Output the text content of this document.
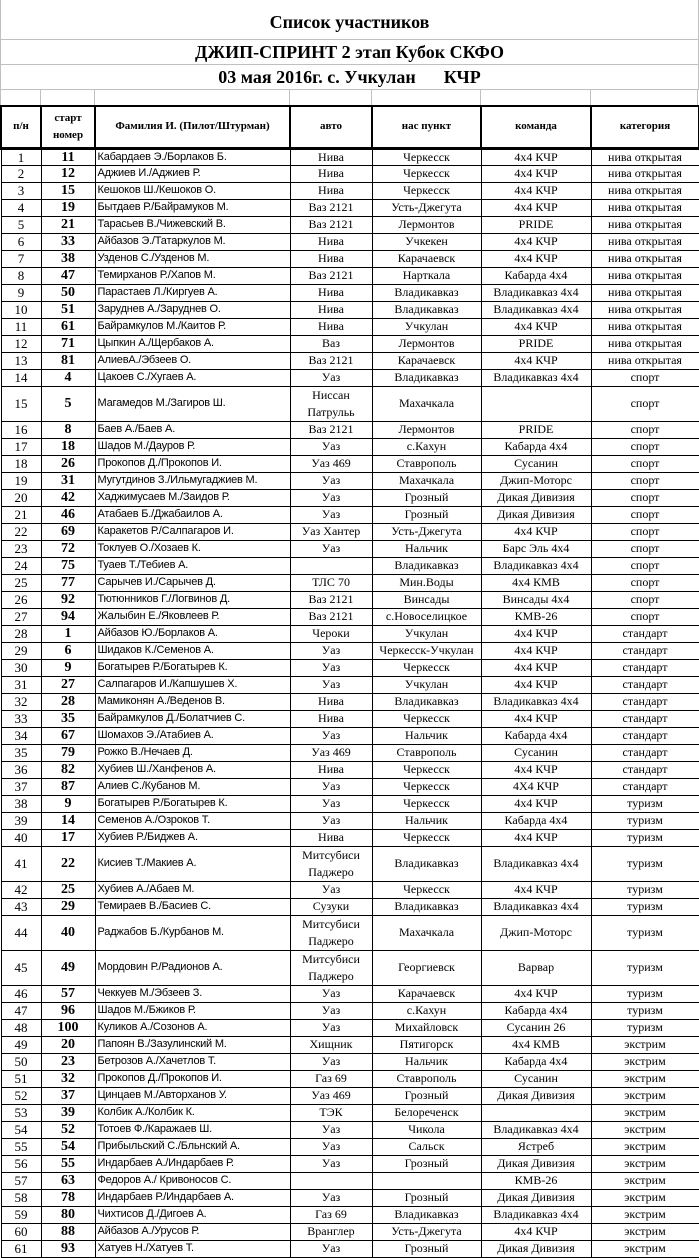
Список участников
ДЖИП-СПРИНТ 2 этап Кубок СКФО
03 мая 2016г. с. Учкулан КЧР
п/н	старт номер	Фамилия И. (Пилот/Штурман)	авто	нас пункт	команда	категория
1	11	Кабардаев Э./Борлаков Б.	Нива	Черкесск	4х4 КЧР	нива открытая
2	12	Аджиев И./Аджиев Р.	Нива	Черкесск	4х4 КЧР	нива открытая
3	15	Кешоков Ш./Кешоков О.	Нива	Черкесск	4х4 КЧР	нива открытая
4	19	Бытдаев Р./Байрамуков М.	Ваз 2121	Усть-Джегута	4х4 КЧР	нива открытая
5	21	Тарасьев В./Чижевский В.	Ваз 2121	Лермонтов	PRIDE	нива открытая
6	33	Айбазов Э./Татаркулов М.	Нива	Учкекен	4х4 КЧР	нива открытая
7	38	Узденов С./Узденов М.	Нива	Карачаевск	4х4 КЧР	нива открытая
8	47	Темирханов Р./Хапов М.	Ваз 2121	Нарткала	Кабарда 4х4	нива открытая
9	50	Парастаев Л./Киргуев А.	Нива	Владикавказ	Владикавказ 4х4	нива открытая
10	51	Заруднев А./Заруднев О.	Нива	Владикавказ	Владикавказ 4х4	нива открытая
11	61	Байрамкулов М./Каитов Р.	Нива	Учкулан	4х4 КЧР	нива открытая
12	71	Цыпкин А./Щербаков А.	Ваз	Лермонтов	PRIDE	нива открытая
13	81	АлиевА./Эбзеев О.	Ваз 2121	Карачаевск	4х4 КЧР	нива открытая
14	4	Цакоев С./Хугаев А.	Уаз	Владикавказ	Владикавказ 4х4	спорт
15	5	Магамедов М./Загиров Ш.	Ниссан Патрульь	Махачкала		спорт
16	8	Баев А./Баев А.	Ваз 2121	Лермонтов	PRIDE	спорт
17	18	Шадов М./Дауров Р.	Уаз	с.Кахун	Кабарда 4х4	спорт
18	26	Прокопов Д./Прокопов И.	Уаз 469	Ставрополь	Сусанин	спорт
19	31	Мугутдинов З./Ильмугаджиев М.	Уаз	Махачкала	Джип-Моторс	спорт
20	42	Хаджимусаев М./Заидов Р.	Уаз	Грозный	Дикая Дивизия	спорт
21	46	Атабаев Б./Джабаилов А.	Уаз	Грозный	Дикая Дивизия	спорт
22	69	Каракетов Р./Салпагаров И.	Уаз Хантер	Усть-Джегута	4х4 КЧР	спорт
23	72	Токлуев О./Хозаев К.	Уаз	Нальчик	Барс Эль 4х4	спорт
24	75	Туаев Т./Тебиев А.		Владикавказ	Владикавказ 4х4	спорт
25	77	Сарычев И./Сарычев Д.	ТЛС 70	Мин.Воды	4х4 КМВ	спорт
26	92	Тютюнников Г./Логвинов Д.	Ваз 2121	Винсады	Винсады 4х4	спорт
27	94	Жалыбин Е./Яковлеев Р.	Ваз 2121	с.Новоселицкое	КМВ-26	спорт
28	1	Айбазов Ю./Борлаков А.	Чероки	Учкулан	4х4 КЧР	стандарт
29	6	Шидаков К./Семенов А.	Уаз	Черкесск-Учкулан	4х4 КЧР	стандарт
30	9	Богатырев Р./Богатырев К.	Уаз	Черкесск	4х4 КЧР	стандарт
31	27	Салпагаров И./Капшушев Х.	Уаз	Учкулан	4х4 КЧР	стандарт
32	28	Мамиконян А./Веденов В.	Нива	Владикавказ	Владикавказ 4х4	стандарт
33	35	Байрамкулов Д./Болатчиев С.	Нива	Черкесск	4х4 КЧР	стандарт
34	67	Шомахов Э./Атабиев А.	Уаз	Нальчик	Кабарда 4х4	стандарт
35	79	Рожко В./Нечаев Д.	Уаз 469	Ставрополь	Сусанин	стандарт
36	82	Хубиев Ш./Ханфенов А.	Нива	Черкесск	4х4 КЧР	стандарт
37	87	Алиев С./Кубанов М.	Уаз	Черкесск	4Х4 КЧР	стандарт
38	9	Богатырев Р./Богатырев К.	Уаз	Черкесск	4х4 КЧР	туризм
39	14	Семенов А./Озроков Т.	Уаз	Нальчик	Кабарда 4х4	туризм
40	17	Хубиев Р./Биджев А.	Нива	Черкесск	4х4 КЧР	туризм
41	22	Кисиев Т./Макиев А.	Митсубиси Паджеро	Владикавказ	Владикавказ 4х4	туризм
42	25	Хубиев А./Абаев М.	Уаз	Черкесск	4х4 КЧР	туризм
43	29	Темираев В./Басиев С.	Сузуки	Владикавказ	Владикавказ 4х4	туризм
44	40	Раджабов Б./Курбанов М.	Митсубиси Паджеро	Махачкала	Джип-Моторс	туризм
45	49	Мордовин Р./Радионов А.	Митсубиси Паджеро	Георгиевск	Варвар	туризм
46	57	Чеккуев М./Эбзеев З.	Уаз	Карачаевск	4х4 КЧР	туризм
47	96	Шадов М./Бжиков Р.	Уаз	с.Кахун	Кабарда 4х4	туризм
48	100	Куликов А./Созонов А.	Уаз	Михайловск	Сусанин 26	туризм
49	20	Папоян В./Зазулинский М.	Хищник	Пятигорск	4х4 КМВ	экстрим
50	23	Бетрозов А./Хачетлов Т.	Уаз	Нальчик	Кабарда 4х4	экстрим
51	32	Прокопов Д./Прокопов И.	Газ 69	Ставрополь	Сусанин	экстрим
52	37	Цинцаев М./Авторханов У.	Уаз 469	Грозный	Дикая Дивизия	экстрим
53	39	Колбик А./Колбик К.	ТЭК	Белореченск		экстрим
54	52	Тотоев Ф./Каражаев Ш.	Уаз	Чикола	Владикавказ 4х4	экстрим
55	54	Прибыльский С./Бльнский А.	Уаз	Сальск	Ястреб	экстрим
56	55	Индарбаев А./Индарбаев Р.	Уаз	Грозный	Дикая Дивизия	экстрим
57	63	Федоров А./ Кривоносов С.			КМВ-26	экстрим
58	78	Индарбаев Р./Индарбаев А.	Уаз	Грозный	Дикая Дивизия	экстрим
59	80	Чихтисов Д./Дигоев А.	Газ 69	Владикавказ	Владикавказ 4х4	экстрим
60	88	Айбазов А./Урусов Р.	Вранглер	Усть-Джегута	4х4 КЧР	экстрим
61	93	Хатуев Н./Хатуев Т.	Уаз	Грозный	Дикая Дивизия	экстрим
